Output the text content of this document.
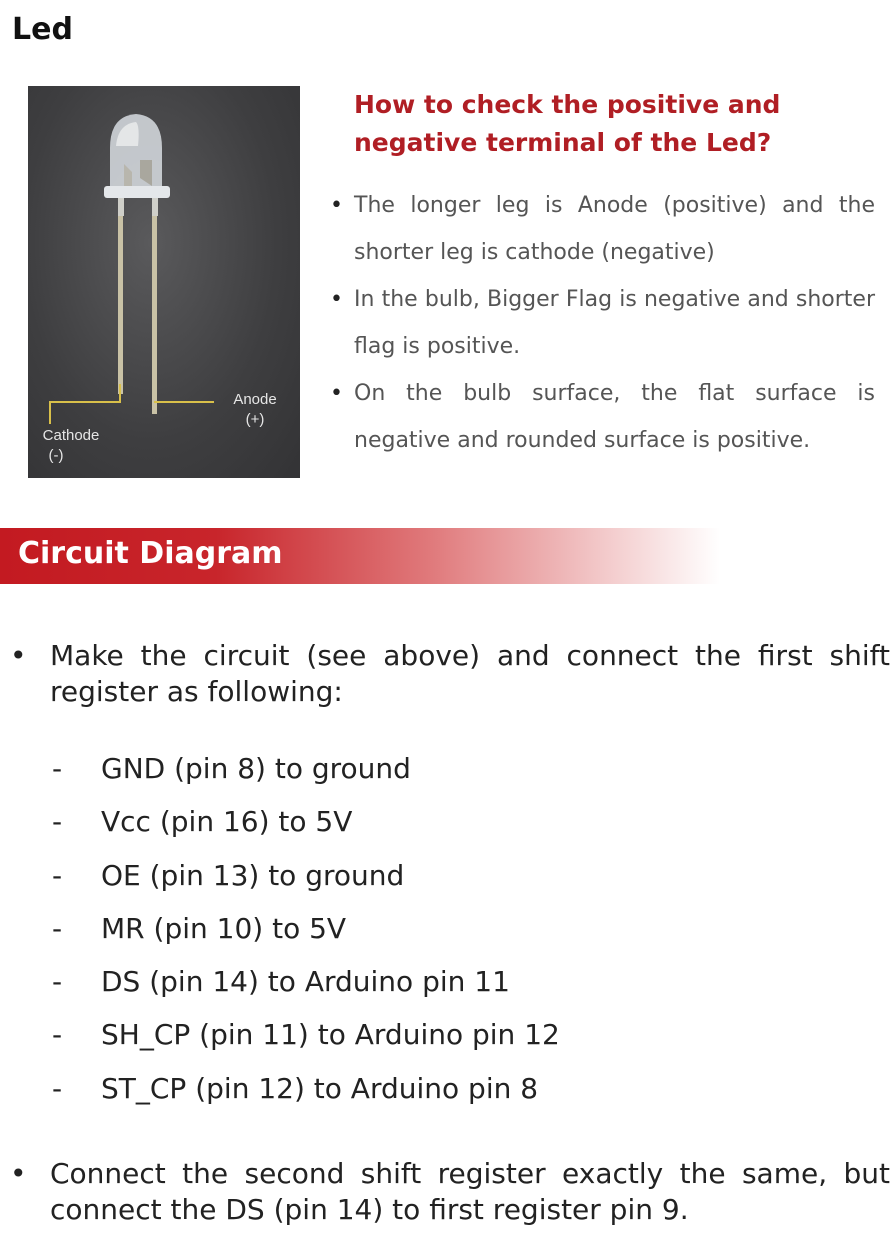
Led
Anode
(+)
Cathode
(-)
How to check the positive and negative terminal of the Led?
• The longer leg is Anode (positive) and the shorter leg is cathode (negative)
• In the bulb, Bigger Flag is negative and shorter flag is positive.
• On the bulb surface, the flat surface is negative and rounded surface is positive.
Circuit Diagram
• Make the circuit (see above) and connect the first shift register as following:
- GND (pin 8) to ground
- Vcc (pin 16) to 5V
- OE (pin 13) to ground
- MR (pin 10) to 5V
- DS (pin 14) to Arduino pin 11
- SH_CP (pin 11) to Arduino pin 12
- ST_CP (pin 12) to Arduino pin 8
• Connect the second shift register exactly the same, but connect the DS (pin 14) to first register pin 9.
